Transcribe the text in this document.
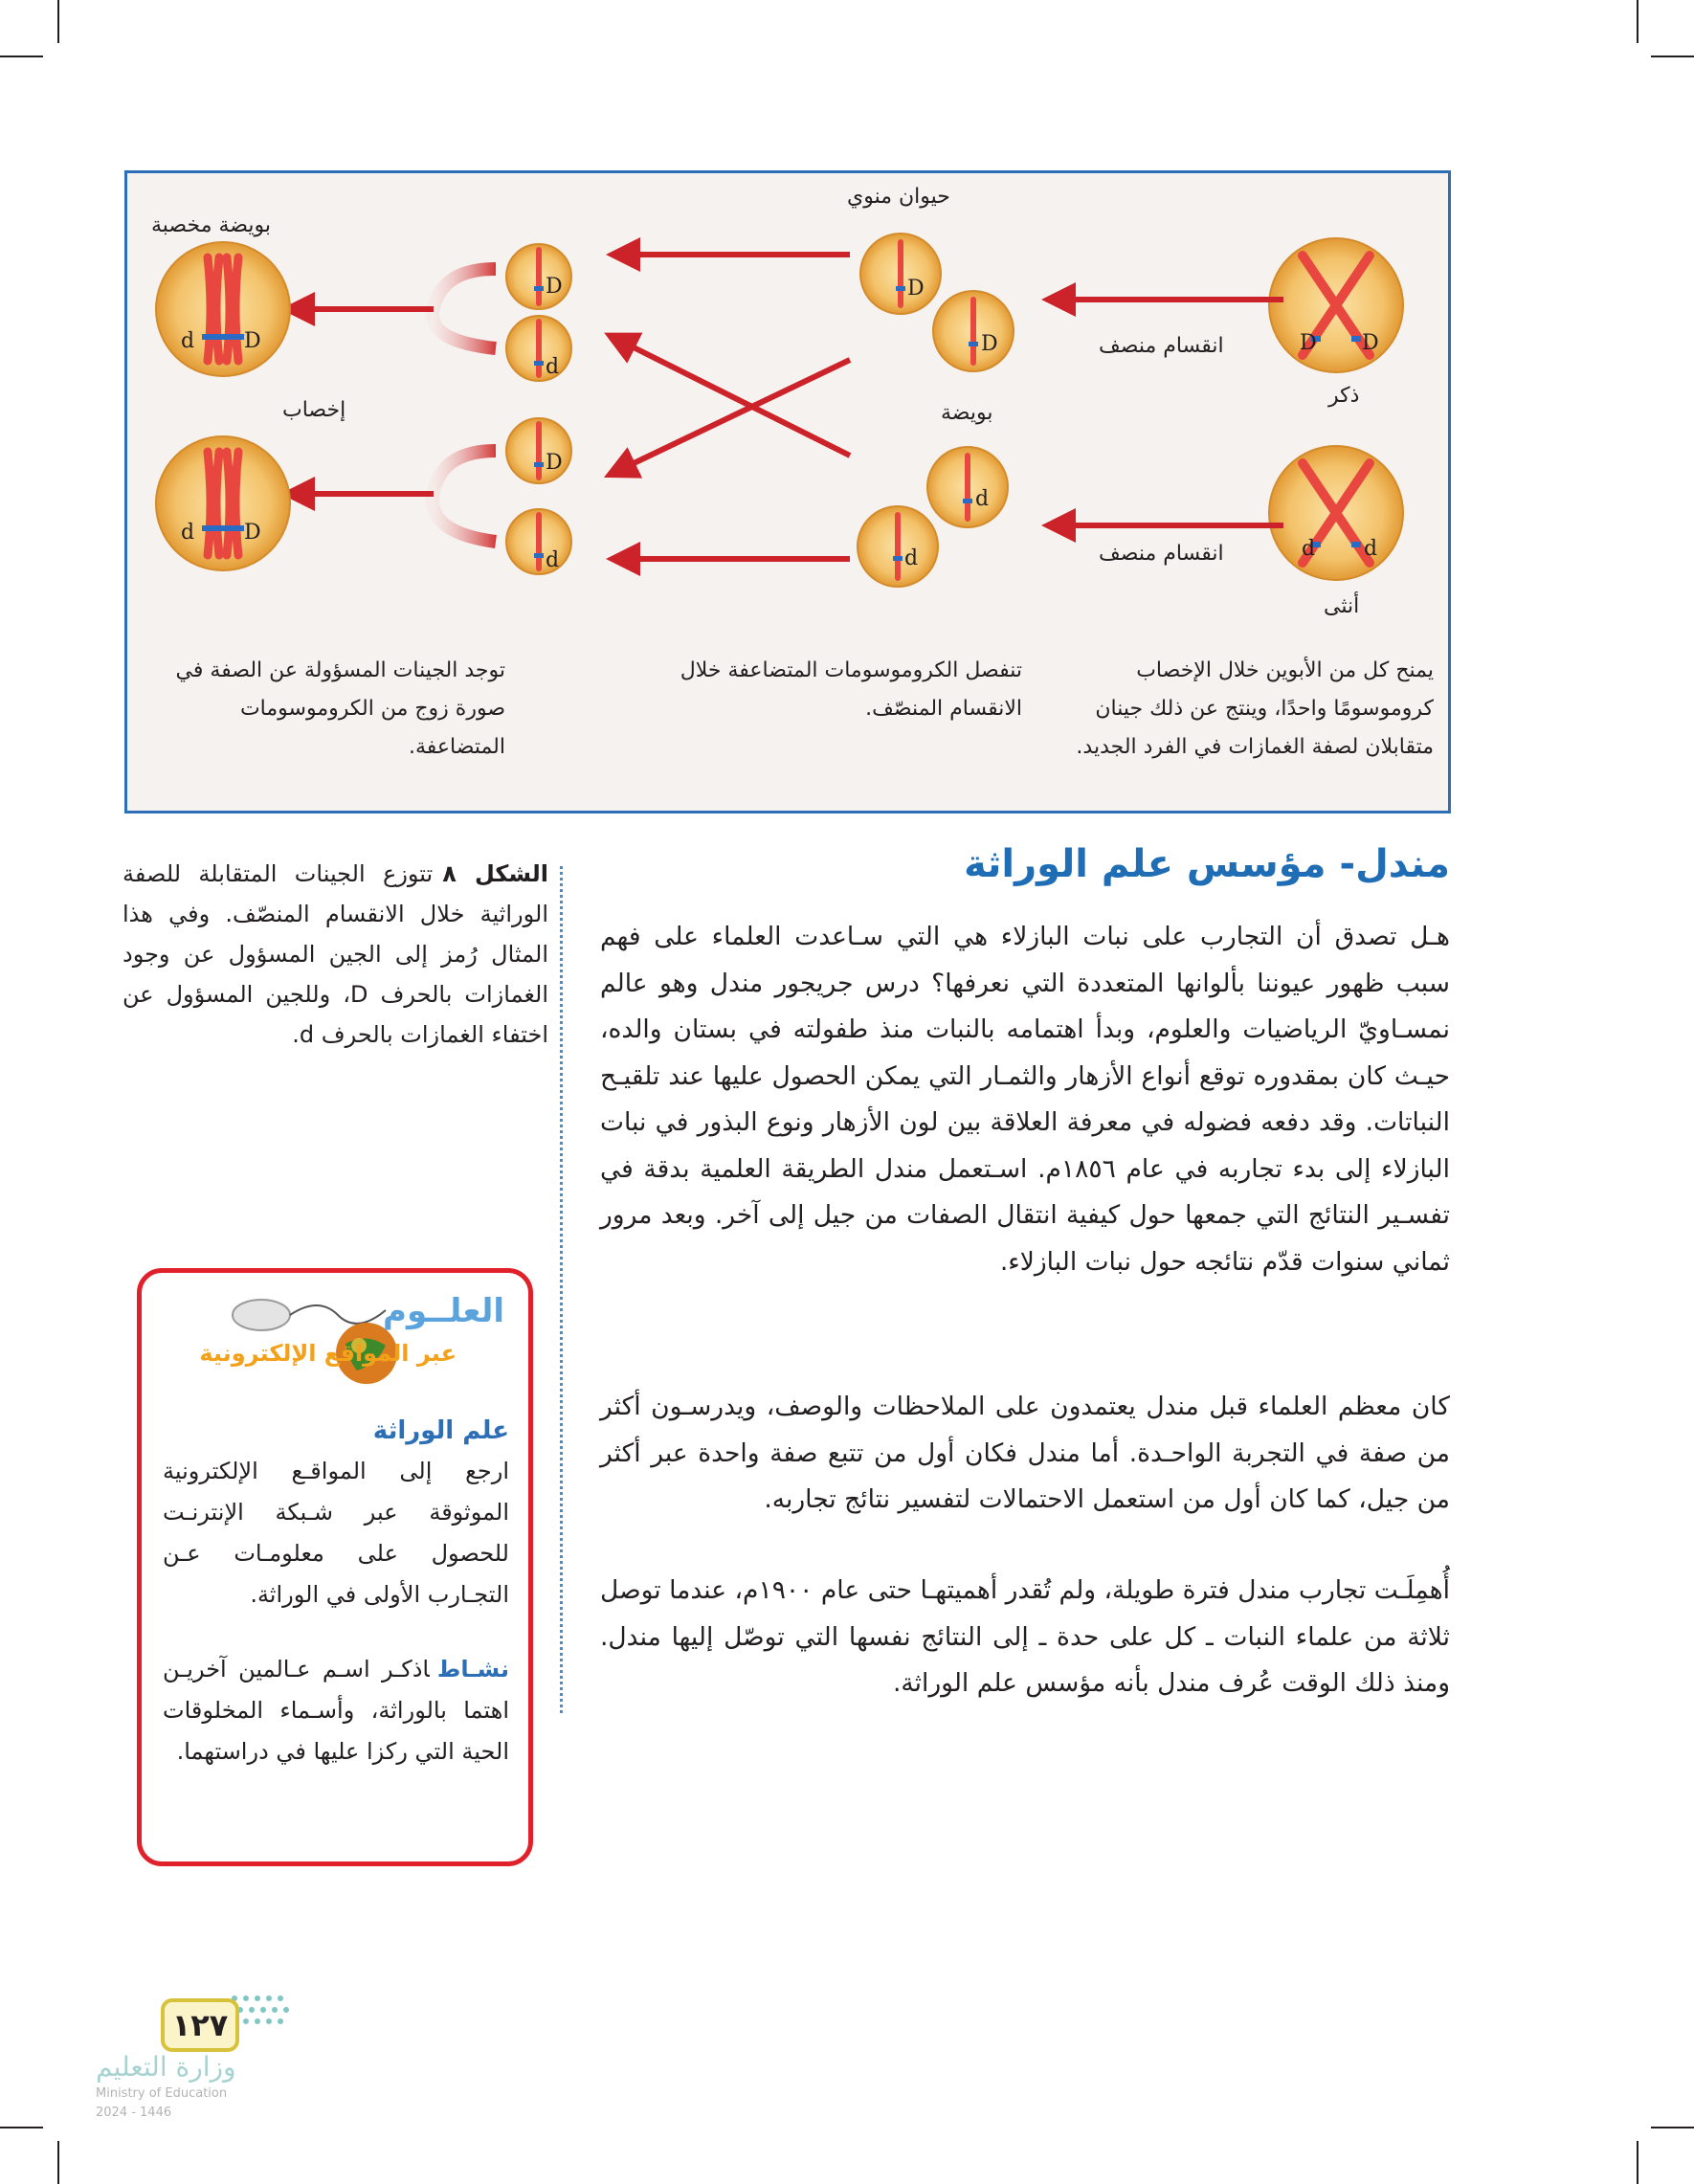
D D
d d
D
D
d
d
D
d
D
d
d D
d D
بويضة مخصبة
حيوان منوي
انقسام منصف
ذكر
إخصاب	بويضة
انقسام منصف
أنثى
يمنح كل من الأبوين خلال الإخصاب كروموسومًا واحدًا، وينتج عن ذلك جينان متقابلان لصفة الغمازات في الفرد الجديد.
تنفصل الكروموسومات المتضاعفة خلال الانقسام المنصّف.
توجد الجينات المسؤولة عن الصفة في صورة زوج من الكروموسومات المتضاعفة.
مندل- مؤسس علم الوراثة

هـل تصدق أن التجارب على نبات البازلاء هي التي سـاعدت العلماء على فهم سبب ظهور عيوننا بألوانها المتعددة التي نعرفها؟ درس جريجور مندل وهو عالم نمسـاويّ الرياضيات والعلوم، وبدأ اهتمامه بالنبات منذ طفولته في بستان والده، حيـث كان بمقدوره توقع أنواع الأزهار والثمـار التي يمكن الحصول عليها عند تلقيـح النباتات. وقد دفعه فضوله في معرفة العلاقة بين لون الأزهار ونوع البذور في نبات البازلاء إلى بدء تجاربه في عام ١٨٥٦م. اسـتعمل مندل الطريقة العلمية بدقة في تفسـير النتائج التي جمعها حول كيفية انتقال الصفات من جيل إلى آخر. وبعد مرور ثماني سنوات قدّم نتائجه حول نبات البازلاء.

كان معظم العلماء قبل مندل يعتمدون على الملاحظات والوصف، ويدرسـون أكثر من صفة في التجربة الواحـدة. أما مندل فكان أول من تتبع صفة واحدة عبر أكثر من جيل، كما كان أول من استعمل الاحتمالات لتفسير نتائج تجاربه.

أُهمِلَـت تجارب مندل فترة طويلة، ولم تُقدر أهميتهـا حتى عام ١٩٠٠م، عندما توصل ثلاثة من علماء النبات ـ كل على حدة ـ إلى النتائج نفسها التي توصّل إليها مندل. ومنذ ذلك الوقت عُرف مندل بأنه مؤسس علم الوراثة.

الشكل ٨تتوزع الجينات المتقابلة للصفة الوراثية خلال الانقسام المنصّف. وفي هذا المثال رُمز إلى الجين المسؤول عن وجود الغمازات بالحرف D، وللجين المسؤول عن اختفاء الغمازات بالحرف d.
العلــوم
عبر المواقع الإلكترونية
علم الوراثة
ارجع إلى المواقـع الإلكترونية الموثوقة عبر شـبكة الإنترنـت للحصول على معلومـات عـن التجـارب الأولى في الوراثة.
نشـاطاذكـر اسـم عـالمين آخريـن اهتما بالوراثة، وأسـماء المخلوقات الحية التي ركزا عليها في دراستهما.
١٢٧
وزارة التعليم
Ministry of Education
2024 - 1446
